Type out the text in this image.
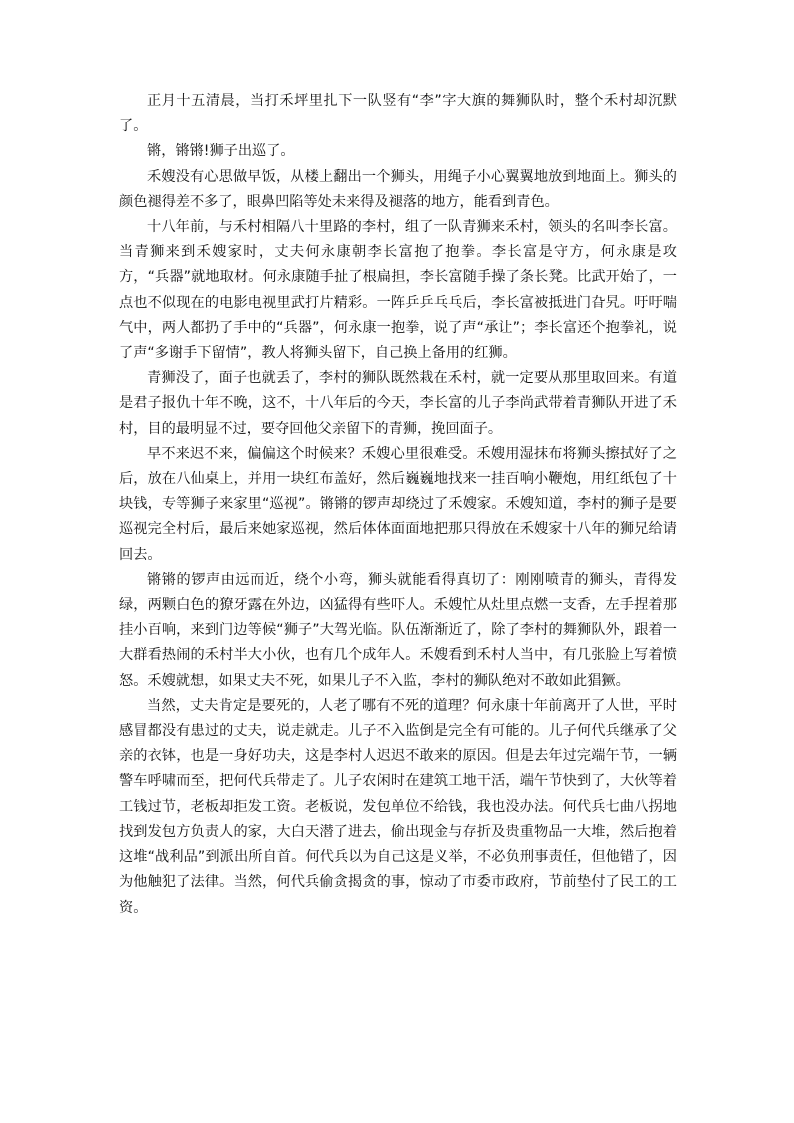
正月十五清晨，当打禾坪里扎下一队竖有“李”字大旗的舞狮队时，整个禾村却沉默了。

锵，锵锵!狮子出巡了。

禾嫂没有心思做早饭，从楼上翻出一个狮头，用绳子小心翼翼地放到地面上。狮头的颜色褪得差不多了，眼鼻凹陷等处未来得及褪落的地方，能看到青色。

十八年前，与禾村相隔八十里路的李村，组了一队青狮来禾村，领头的名叫李长富。当青狮来到禾嫂家时，丈夫何永康朝李长富抱了抱拳。李长富是守方，何永康是攻方，“兵器”就地取材。何永康随手扯了根扁担，李长富随手操了条长凳。比武开始了，一点也不似现在的电影电视里武打片精彩。一阵乒乒乓乓后，李长富被抵进门旮旯。吁吁喘气中，两人都扔了手中的“兵器”，何永康一抱拳，说了声“承让”；李长富还个抱拳礼，说了声“多谢手下留情”，教人将狮头留下，自己换上备用的红狮。

青狮没了，面子也就丢了，李村的狮队既然栽在禾村，就一定要从那里取回来。有道是君子报仇十年不晚，这不，十八年后的今天，李长富的儿子李尚武带着青狮队开进了禾村，目的最明显不过，要夺回他父亲留下的青狮，挽回面子。

早不来迟不来，偏偏这个时候来？禾嫂心里很难受。禾嫂用湿抹布将狮头擦拭好了之后，放在八仙桌上，并用一块红布盖好，然后巍巍地找来一挂百响小鞭炮，用红纸包了十块钱，专等狮子来家里“巡视”。锵锵的锣声却绕过了禾嫂家。禾嫂知道，李村的狮子是要巡视完全村后，最后来她家巡视，然后体体面面地把那只得放在禾嫂家十八年的狮兄给请回去。

锵锵的锣声由远而近，绕个小弯，狮头就能看得真切了：刚刚喷青的狮头，青得发绿，两颗白色的獠牙露在外边，凶猛得有些吓人。禾嫂忙从灶里点燃一支香，左手捏着那挂小百响，来到门边等候“狮子”大驾光临。队伍渐渐近了，除了李村的舞狮队外，跟着一大群看热闹的禾村半大小伙，也有几个成年人。禾嫂看到禾村人当中，有几张脸上写着愤怒。禾嫂就想，如果丈夫不死，如果儿子不入监，李村的狮队绝对不敢如此猖獗。

当然，丈夫肯定是要死的，人老了哪有不死的道理？何永康十年前离开了人世，平时感冒都没有患过的丈夫，说走就走。儿子不入监倒是完全有可能的。儿子何代兵继承了父亲的衣钵，也是一身好功夫，这是李村人迟迟不敢来的原因。但是去年过完端午节，一辆警车呼啸而至，把何代兵带走了。儿子农闲时在建筑工地干活，端午节快到了，大伙等着工钱过节，老板却拒发工资。老板说，发包单位不给钱，我也没办法。何代兵七曲八拐地找到发包方负责人的家，大白天潜了进去，偷出现金与存折及贵重物品一大堆，然后抱着这堆“战利品”到派出所自首。何代兵以为自己这是义举，不必负刑事责任，但他错了，因为他触犯了法律。当然，何代兵偷贪揭贪的事，惊动了市委市政府，节前垫付了民工的工资。
